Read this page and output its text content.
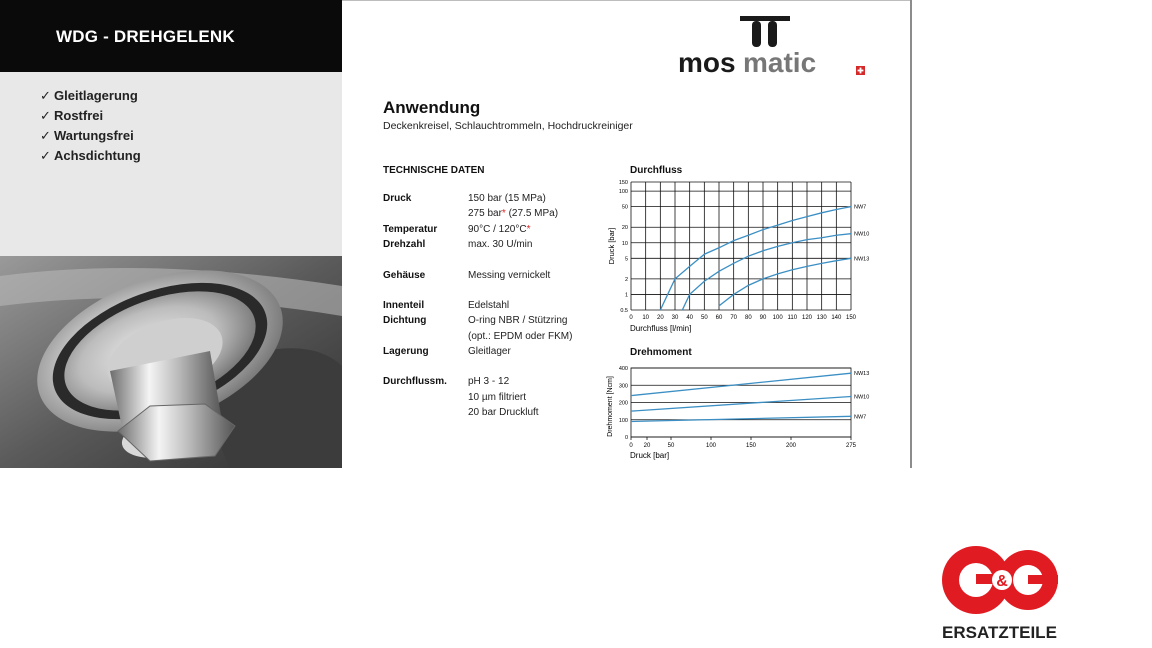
WDG - DREHGELENK
✓ Gleitlagerung
✓ Rostfrei
✓ Wartungsfrei
✓ Achsdichtung
mos matic
Anwendung
Deckenkreisel, Schlauchtrommeln, Hochdruckreiniger
TECHNISCHE DATEN
Druck	150 bar (15 MPa)
275 bar* (27.5 MPa)
Temperatur	90°C / 120°C*
Drehzahl	max. 30 U/min
Gehäuse	Messing vernickelt
Innenteil	Edelstahl
Dichtung	O-ring NBR / Stützring
(opt.: EPDM oder FKM)
Lagerung	Gleitlager
Durchflussm. pH 3 - 12
10 µm filtriert
20 bar Druckluft
Durchfluss
0 10 20 30 40 50 60 70 80 90 100 110 120 130 140 150
0.5
1
2
5
10
20
50
100
150
NW7
NW10
NW13
Durchfluss [l/min]
Druck [bar]
Drehmoment
0
100
200
300
400
0 20	50	100	150	200	275
NW13
NW10
NW7
Druck [bar]
Drehmoment [Ncm]
&
ERSATZTEILE
